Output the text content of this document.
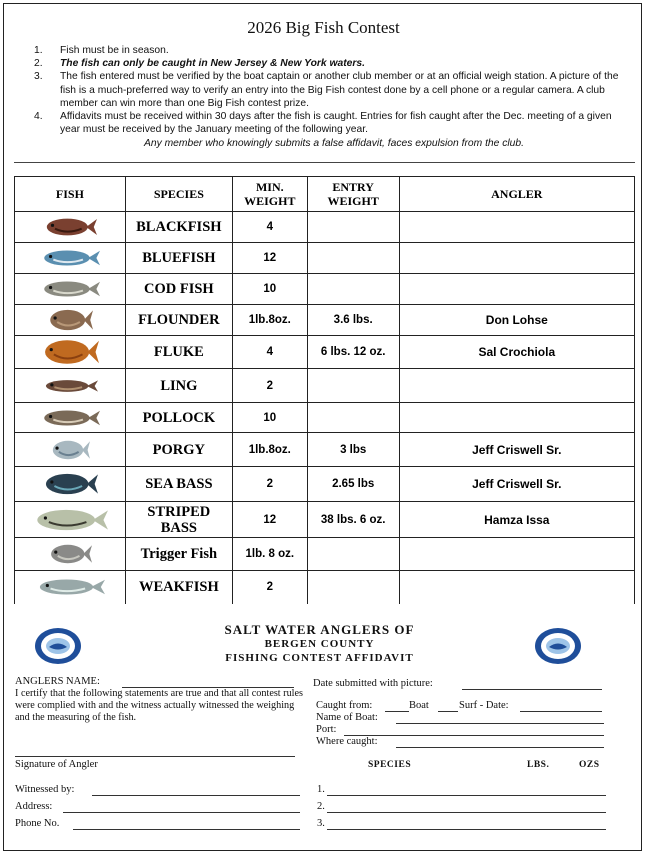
2026 Big Fish Contest
1. Fish must be in season.
2. The fish can only be caught in New Jersey & New York waters.
3. The fish entered must be verified by the boat captain or another club member or at an official weigh station. A picture of the fish is a much-preferred way to verify an entry into the Big Fish contest done by a cell phone or a regular camera. A club member can win more than one Big Fish contest prize.
4. Affidavits must be received within 30 days after the fish is caught. Entries for fish caught after the Dec. meeting of a given year must be received by the January meeting of the following year.
Any member who knowingly submits a false affidavit, faces expulsion from the club.
FISH	SPECIES	MIN. WEIGHT	ENTRY WEIGHT	ANGLER

	BLACKFISH	4		

	BLUEFISH	12		

	COD FISH	10		

	FLOUNDER	1lb.8oz.	3.6 lbs.	Don Lohse

	FLUKE	4	6 lbs. 12 oz.	Sal Crochiola

	LING	2		

	POLLOCK	10		

	PORGY	1lb.8oz.	3 lbs	Jeff Criswell Sr.

	SEA BASS	2	2.65 lbs	Jeff Criswell Sr.

	STRIPED BASS	12	38 lbs. 6 oz.	Hamza Issa

	Trigger Fish	1lb. 8 oz.		

	WEAKFISH	2		
SALT WATER ANGLERS OF
BERGEN COUNTY
FISHING CONTEST AFFIDAVIT
ANGLERS NAME:
I certify that the following statements are true and that all contest rules were complied with and the witness actually witnessed the weighing and the measuring of the fish.
Signature of Angler
Witnessed by:
Address:
Phone No.
Date submitted with picture:
Caught from:	Boat	Surf - Date:
Name of Boat:
Port:
Where caught:
SPECIES	LBS.	OZS
1.
2.
3.
